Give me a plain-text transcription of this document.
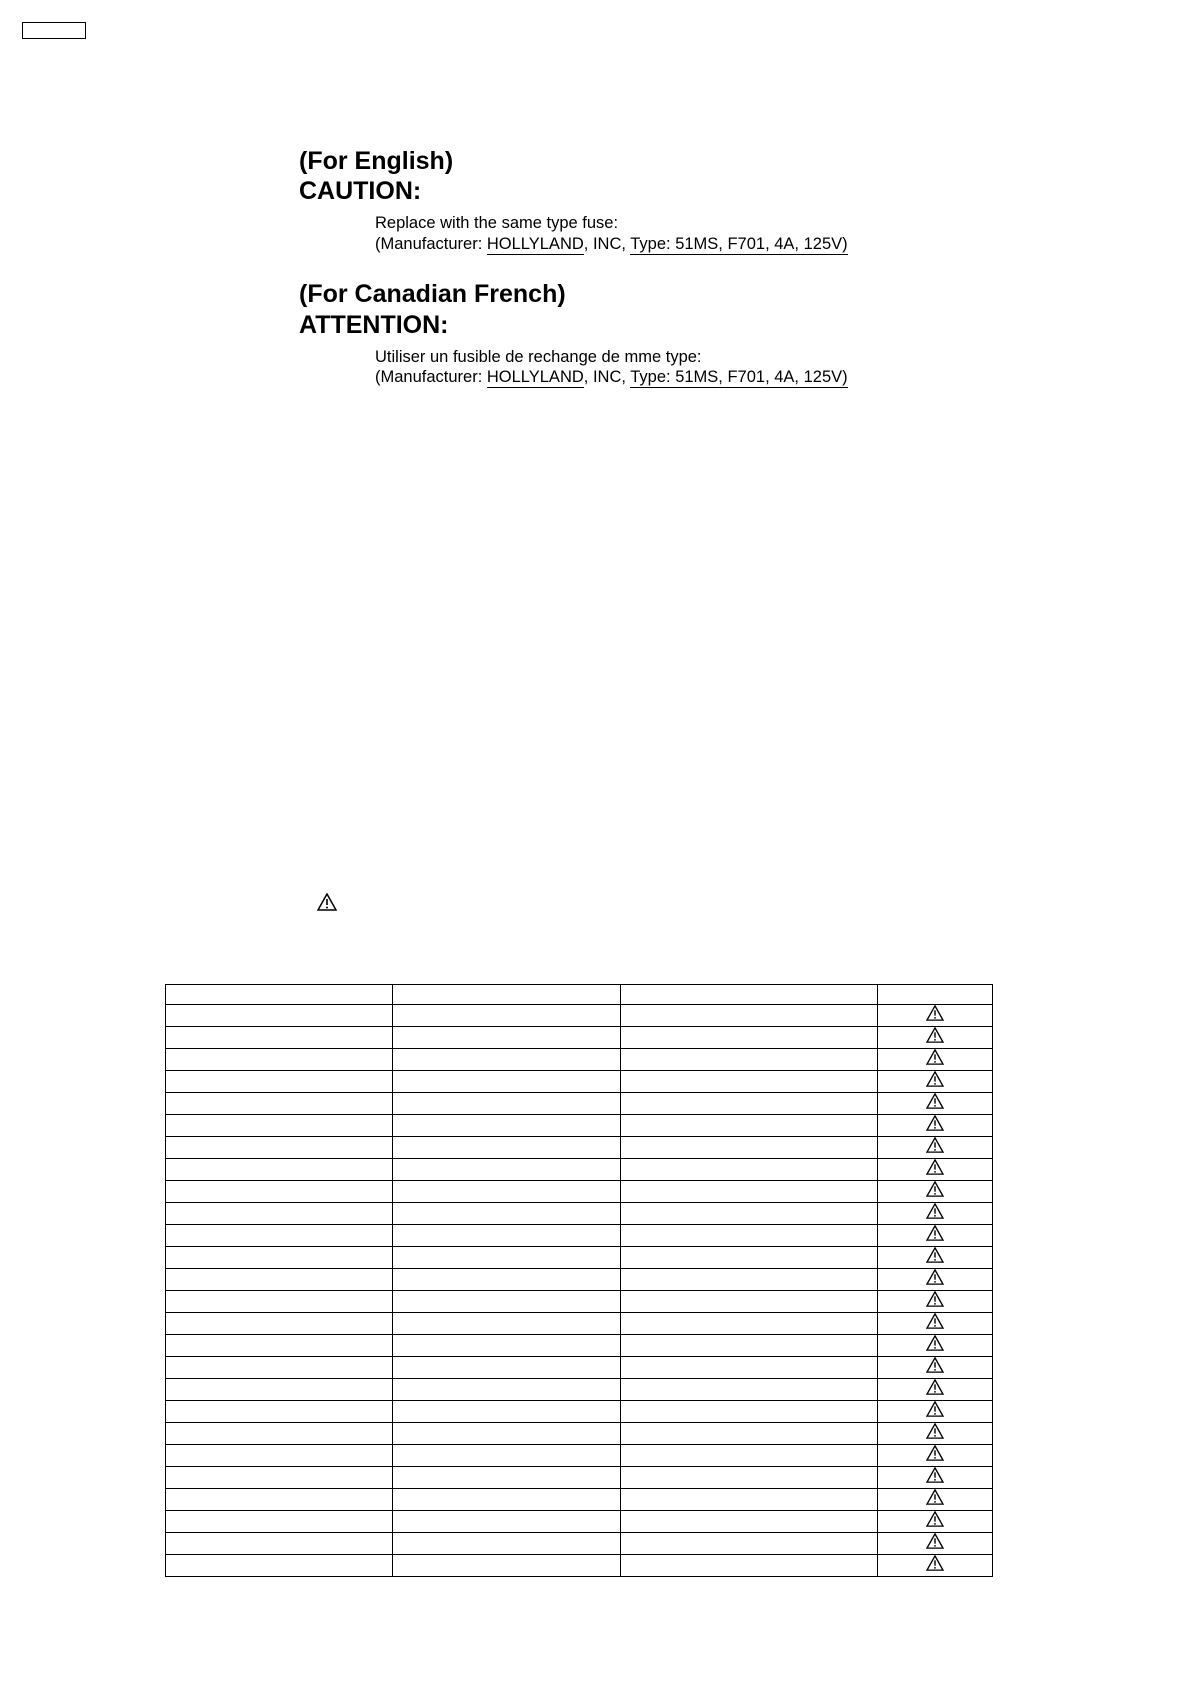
(For English)
CAUTION:
Replace with the same type fuse:
(Manufacturer: HOLLYLAND, INC, Type: 51MS, F701, 4A, 125V)
(For Canadian French)
ATTENTION:
Utiliser un fusible de rechange de mme type:
(Manufacturer: HOLLYLAND, INC, Type: 51MS, F701, 4A, 125V)
